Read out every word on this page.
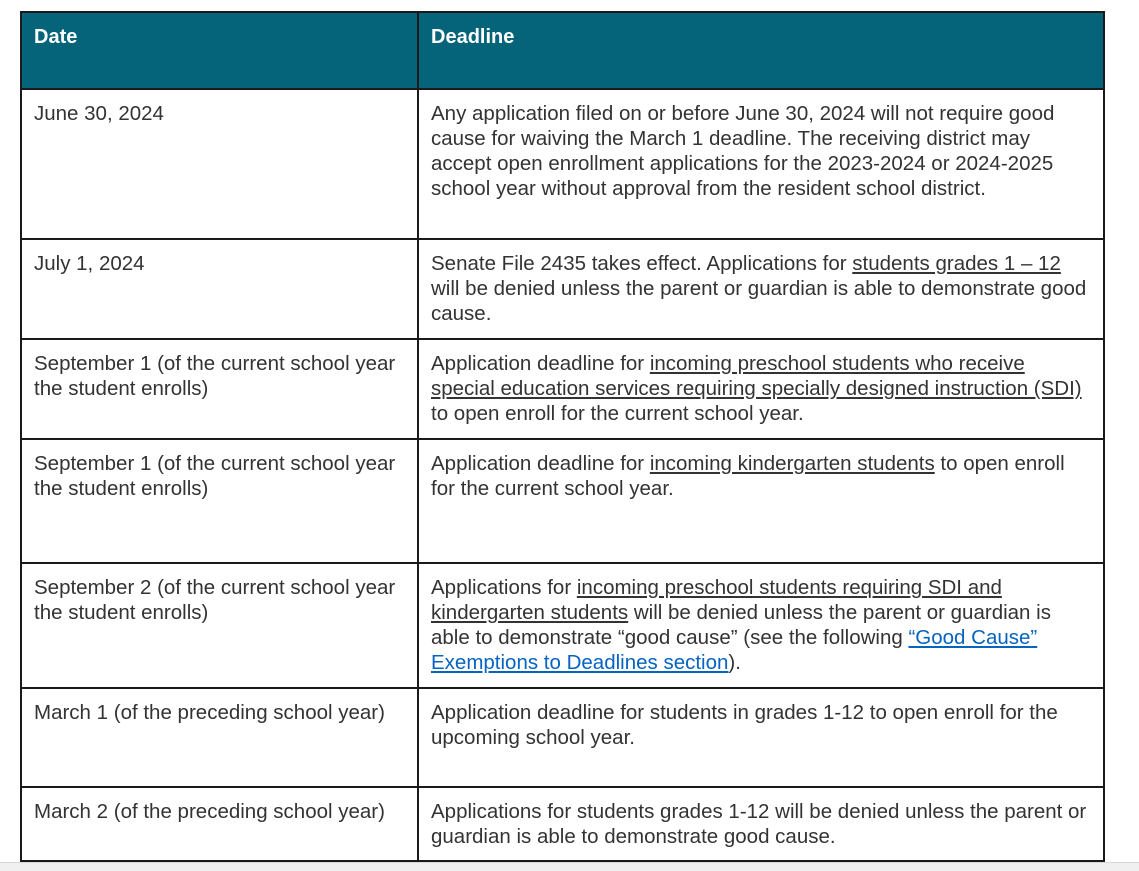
Date	Deadline
June 30, 2024	Any application filed on or before June 30, 2024 will not require good cause for waiving the March 1 deadline. The receiving district may accept open enrollment applications for the 2023-2024 or 2024-2025 school year without approval from the resident school district.
July 1, 2024	Senate File 2435 takes effect. Applications for students grades 1 – 12 will be denied unless the parent or guardian is able to demonstrate good cause.
September 1 (of the current school year the student enrolls)	Application deadline for incoming preschool students who receive special education services requiring specially designed instruction (SDI) to open enroll for the current school year.
September 1 (of the current school year the student enrolls)	Application deadline for incoming kindergarten students to open enroll for the current school year.
September 2 (of the current school year the student enrolls)	Applications for incoming preschool students requiring SDI and kindergarten students will be denied unless the parent or guardian is able to demonstrate “good cause” (see the following “Good Cause” Exemptions to Deadlines section).
March 1 (of the preceding school year)	Application deadline for students in grades 1-12 to open enroll for the upcoming school year.
March 2 (of the preceding school year)	Applications for students grades 1-12 will be denied unless the parent or guardian is able to demonstrate good cause.
